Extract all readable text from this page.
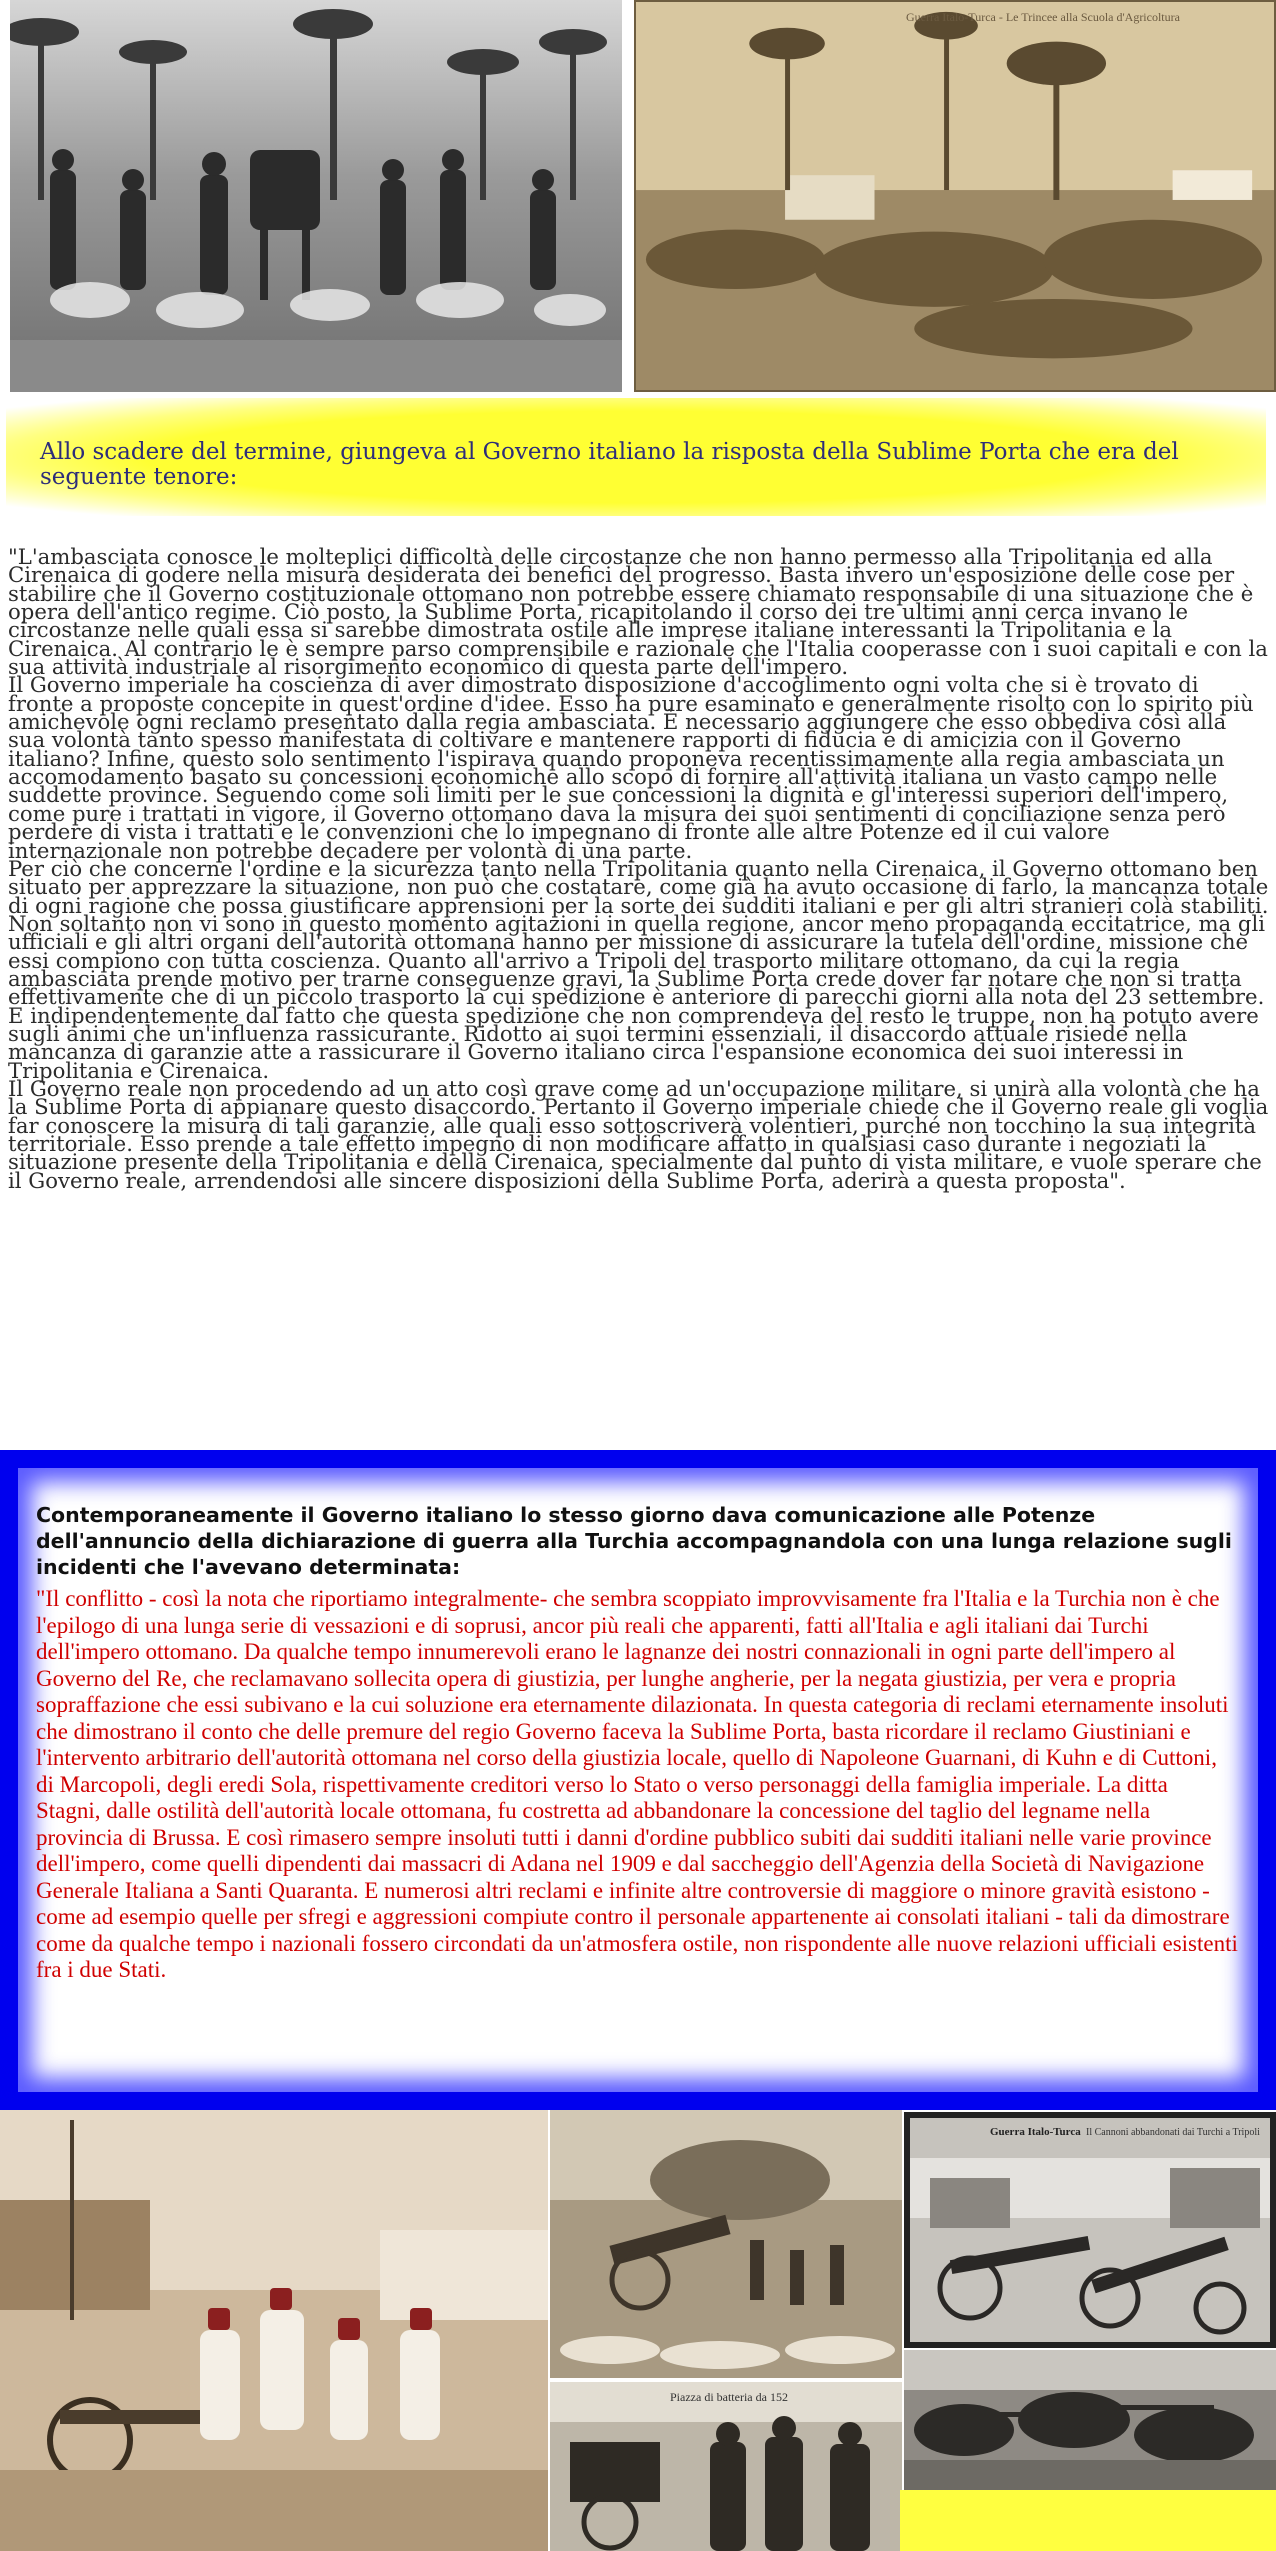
Guerra Italo-Turca - Le Trincee alla Scuola d'Agricoltura
Allo scadere del termine, giungeva al Governo italiano la risposta della Sublime Porta che era del seguente tenore:

"L'ambasciata conosce le molteplici difficoltà delle circostanze che non hanno permesso alla Tripolitania ed alla Cirenaica di godere nella misura desiderata dei benefici del progresso. Basta invero un'esposizione delle cose per stabilire che il Governo costituzionale ottomano non potrebbe essere chiamato responsabile di una situazione che è opera dell'antico regime. Ciò posto, la Sublime Porta, ricapitolando il corso dei tre ultimi anni cerca invano le circostanze nelle quali essa si sarebbe dimostrata ostile alle imprese italiane interessanti la Tripolitania e la Cirenaica. Al contrario le è sempre parso comprensibile e razionale che l'Italia cooperasse con i suoi capitali e con la sua attività industriale al risorgimento economico di questa parte dell'impero.

Il Governo imperiale ha coscienza di aver dimostrato disposizione d'accoglimento ogni volta che si è trovato di fronte a proposte concepite in quest'ordine d'idee. Esso ha pure esaminato e generalmente risolto con lo spirito più amichevole ogni reclamo presentato dalla regia ambasciata. È necessario aggiungere che esso obbediva così alla sua volontà tanto spesso manifestata di coltivare e mantenere rapporti di fiducia e di amicizia con il Governo italiano? Infine, questo solo sentimento l'ispirava quando proponeva recentissimamente alla regia ambasciata un accomodamento basato su concessioni economiche allo scopo di fornire all'attività italiana un vasto campo nelle suddette province. Seguendo come soli limiti per le sue concessioni la dignità e gl'interessi superiori dell'impero, come pure i trattati in vigore, il Governo ottomano dava la misura dei suoi sentimenti di conciliazione senza però perdere di vista i trattati e le convenzioni che lo impegnano di fronte alle altre Potenze ed il cui valore internazionale non potrebbe decadere per volontà di una parte.

Per ciò che concerne l'ordine e la sicurezza tanto nella Tripolitania quanto nella Cirenaica, il Governo ottomano ben situato per apprezzare la situazione, non può che costatare, come già ha avuto occasione di farlo, la mancanza totale di ogni ragione che possa giustificare apprensioni per la sorte dei sudditi italiani e per gli altri stranieri colà stabiliti. Non soltanto non vi sono in questo momento agitazioni in quella regione, ancor meno propaganda eccitatrice, ma gli ufficiali e gli altri organi dell'autorità ottomana hanno per missione di assicurare la tutela dell'ordine, missione che essi compiono con tutta coscienza. Quanto all'arrivo a Tripoli del trasporto militare ottomano, da cui la regia ambasciata prende motivo per trarne conseguenze gravi, la Sublime Porta crede dover far notare che non si tratta effettivamente che di un piccolo trasporto la cui spedizione è anteriore di parecchi giorni alla nota del 23 settembre. E indipendentemente dal fatto che questa spedizione che non comprendeva del resto le truppe, non ha potuto avere sugli animi che un'influenza rassicurante. Ridotto ai suoi termini essenziali, il disaccordo attuale risiede nella mancanza di garanzie atte a rassicurare il Governo italiano circa l'espansione economica dei suoi interessi in Tripolitania e Cirenaica.

Il Governo reale non procedendo ad un atto così grave come ad un'occupazione militare, si unirà alla volontà che ha la Sublime Porta di appianare questo disaccordo. Pertanto il Governo imperiale chiede che il Governo reale gli voglia far conoscere la misura di tali garanzie, alle quali esso sottoscriverà volentieri, purché non tocchino la sua integrità territoriale. Esso prende a tale effetto impegno di non modificare affatto in qualsiasi caso durante i negoziati la situazione presente della Tripolitania e della Cirenaica, specialmente dal punto di vista militare, e vuole sperare che il Governo reale, arrendendosi alle sincere disposizioni della Sublime Porta, aderirà a questa proposta".

Contemporaneamente il Governo italiano lo stesso giorno dava comunicazione alle Potenze dell'annuncio della dichiarazione di guerra alla Turchia accompagnandola con una lunga relazione sugli incidenti che l'avevano determinata:
"Il conflitto - così la nota che riportiamo integralmente- che sembra scoppiato improvvisamente fra l'Italia e la Turchia non è che l'epilogo di una lunga serie di vessazioni e di soprusi, ancor più reali che apparenti, fatti all'Italia e agli italiani dai Turchi dell'impero ottomano. Da qualche tempo innumerevoli erano le lagnanze dei nostri connazionali in ogni parte dell'impero al Governo del Re, che reclamavano sollecita opera di giustizia, per lunghe angherie, per la negata giustizia, per vera e propria sopraffazione che essi subivano e la cui soluzione era eternamente dilazionata. In questa categoria di reclami eternamente insoluti che dimostrano il conto che delle premure del regio Governo faceva la Sublime Porta, basta ricordare il reclamo Giustiniani e l'intervento arbitrario dell'autorità ottomana nel corso della giustizia locale, quello di Napoleone Guarnani, di Kuhn e di Cuttoni, di Marcopoli, degli eredi Sola, rispettivamente creditori verso lo Stato o verso personaggi della famiglia imperiale. La ditta Stagni, dalle ostilità dell'autorità locale ottomana, fu costretta ad abbandonare la concessione del taglio del legname nella provincia di Brussa. E così rimasero sempre insoluti tutti i danni d'ordine pubblico subiti dai sudditi italiani nelle varie province dell'impero, come quelli dipendenti dai massacri di Adana nel 1909 e dal saccheggio dell'Agenzia della Società di Navigazione Generale Italiana a Santi Quaranta. E numerosi altri reclami e infinite altre controversie di maggiore o minore gravità esistono - come ad esempio quelle per sfregi e aggressioni compiute contro il personale appartenente ai consolati italiani - tali da dimostrare come da qualche tempo i nazionali fossero circondati da un'atmosfera ostile, non rispondente alle nuove relazioni ufficiali esistenti fra i due Stati.
Piazza di batteria da 152
Guerra Italo-Turca Il Cannoni abbandonati dai Turchi a Tripoli
